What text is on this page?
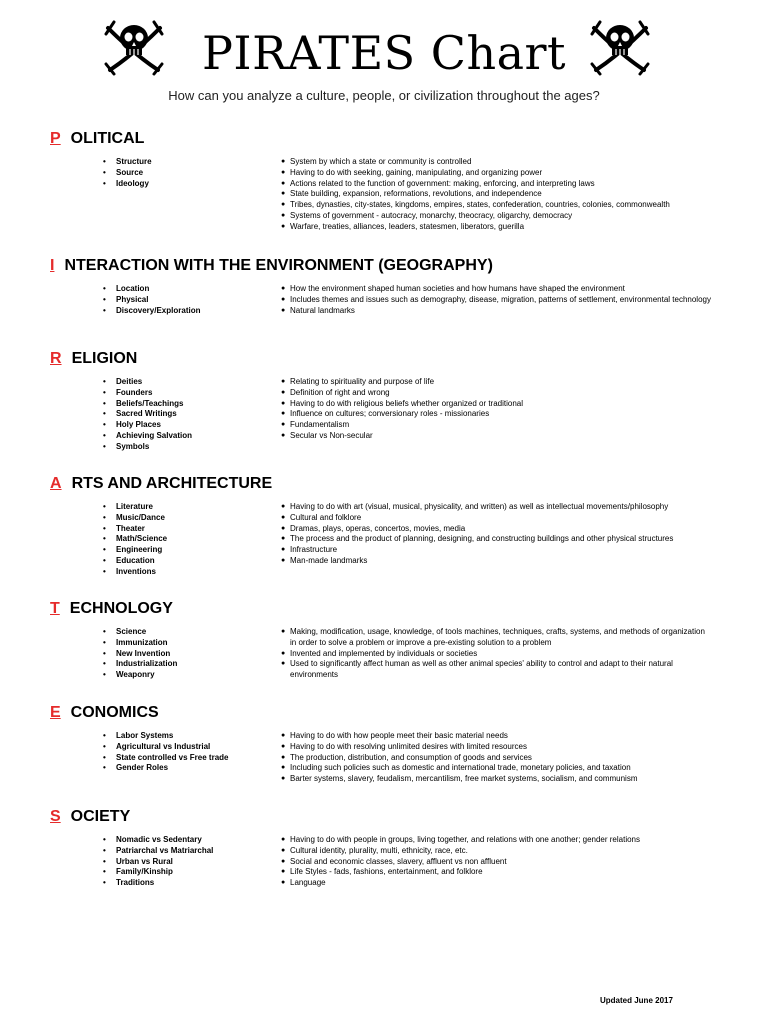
PIRATES Chart
How can you analyze a culture, people, or civilization throughout the ages?
P OLITICAL
• Structure
• Source
• Ideology
● System by which a state or community is controlled
● Having to do with seeking, gaining, manipulating, and organizing power
● Actions related to the function of government: making, enforcing, and interpreting laws
● State building, expansion, reformations, revolutions, and independence
● Tribes, dynasties, city-states, kingdoms, empires, states, confederation, countries, colonies, commonwealth
● Systems of government - autocracy, monarchy, theocracy, oligarchy, democracy
● Warfare, treaties, alliances, leaders, statesmen, liberators, guerilla
I NTERACTION WITH THE ENVIRONMENT (GEOGRAPHY)
• Location
• Physical
• Discovery/Exploration
● How the environment shaped human societies and how humans have shaped the environment
● Includes themes and issues such as demography, disease, migration, patterns of settlement, environmental technology
● Natural landmarks
R ELIGION
• Deities
• Founders
• Beliefs/Teachings
• Sacred Writings
• Holy Places
• Achieving Salvation
• Symbols
● Relating to spirituality and purpose of life
● Definition of right and wrong
● Having to do with religious beliefs whether organized or traditional
● Influence on cultures; conversionary roles - missionaries
● Fundamentalism
● Secular vs Non-secular
A RTS AND ARCHITECTURE
• Literature
• Music/Dance
• Theater
• Math/Science
• Engineering
• Education
• Inventions
● Having to do with art (visual, musical, physicality, and written) as well as intellectual movements/philosophy
● Cultural and folklore
● Dramas, plays, operas, concertos, movies, media
● The process and the product of planning, designing, and constructing buildings and other physical structures
● Infrastructure
● Man-made landmarks
T ECHNOLOGY
• Science
• Immunization
• New Invention
• Industrialization
• Weaponry
● Making, modification, usage, knowledge, of tools machines, techniques, crafts, systems, and methods of organization in order to solve a problem or improve a pre-existing solution to a problem
● Invented and implemented by individuals or societies
● Used to significantly affect human as well as other animal species' ability to control and adapt to their natural environments
E CONOMICS
• Labor Systems
• Agricultural vs Industrial
• State controlled vs Free trade
• Gender Roles
● Having to do with how people meet their basic material needs
● Having to do with resolving unlimited desires with limited resources
● The production, distribution, and consumption of goods and services
● Including such policies such as domestic and international trade, monetary policies, and taxation
● Barter systems, slavery, feudalism, mercantilism, free market systems, socialism, and communism
S OCIETY
• Nomadic vs Sedentary
• Patriarchal vs Matriarchal
• Urban vs Rural
• Family/Kinship
• Traditions
● Having to do with people in groups, living together, and relations with one another; gender relations
● Cultural identity, plurality, multi, ethnicity, race, etc.
● Social and economic classes, slavery, affluent vs non affluent
● Life Styles - fads, fashions, entertainment, and folklore
● Language
Updated June 2017
